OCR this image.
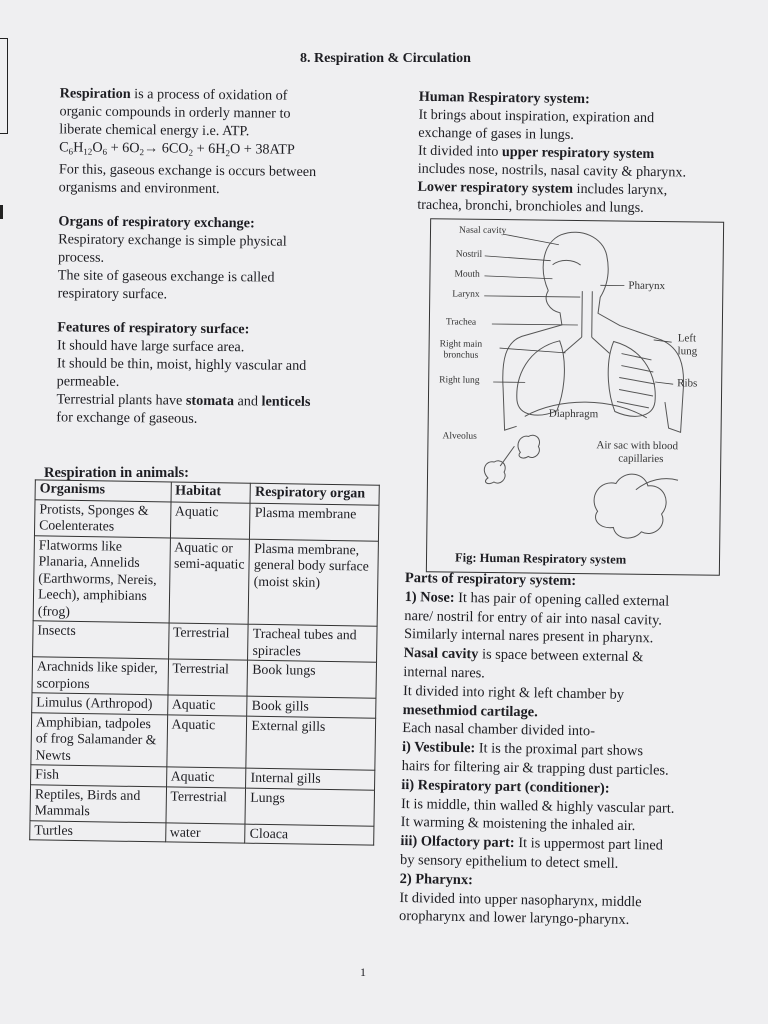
8. Respiration & Circulation

Respiration is a process of oxidation of

organic compounds in orderly manner to

liberate chemical energy i.e. ATP.

$C_6H_{12}O_6 + 6O_2\to 6CO_2 + 6H_2O + 38ATP$

For this, gaseous exchange is occurs between

organisms and environment.

Organs of respiratory exchange:

Respiratory exchange is simple physical

process.

The site of gaseous exchange is called

respiratory surface.

Features of respiratory surface:

It should have large surface area.

It should be thin, moist, highly vascular and

permeable.

Terrestrial plants have stomata and lenticels

for exchange of gaseous.

Respiration in animals:
Organisms	Habitat	Respiratory organ
Protists, Sponges & Coelenterates	Aquatic	Plasma membrane
Flatworms like Planaria, Annelids (Earthworms, Nereis, Leech), amphibians (frog)	Aquatic or semi-aquatic	Plasma membrane, general body surface (moist skin)
Insects	Terrestrial	Tracheal tubes and spiracles
Arachnids like spider, scorpions	Terrestrial	Book lungs
Limulus (Arthropod)	Aquatic	Book gills
Amphibian, tadpoles of frog Salamander & Newts	Aquatic	External gills
Fish	Aquatic	Internal gills
Reptiles, Birds and Mammals	Terrestrial	Lungs
Turtles	water	Cloaca

Human Respiratory system:

It brings about inspiration, expiration and

exchange of gases in lungs.

It divided into upper respiratory system

includes nose, nostrils, nasal cavity & pharynx.

Lower respiratory system includes larynx,

trachea, bronchi, bronchioles and lungs.

Nasal cavity
Nostril
Mouth
Larynx
Trachea
Right main
bronchus
Right lung
Alveolus
Pharynx
Left
lung
Ribs
Diaphragm
Air sac with blood
capillaries
Fig: Human Respiratory system

Parts of respiratory system:

1) Nose: It has pair of opening called external

nare/ nostril for entry of air into nasal cavity.

Similarly internal nares present in pharynx.

Nasal cavity is space between external &

internal nares.

It divided into right & left chamber by

mesethmiod cartilage.

Each nasal chamber divided into-

i) Vestibule: It is the proximal part shows

hairs for filtering air & trapping dust particles.

ii) Respiratory part (conditioner):

It is middle, thin walled & highly vascular part.

It warming & moistening the inhaled air.

iii) Olfactory part: It is uppermost part lined

by sensory epithelium to detect smell.

2) Pharynx:

It divided into upper nasopharynx, middle

oropharynx and lower laryngo-pharynx.

1
